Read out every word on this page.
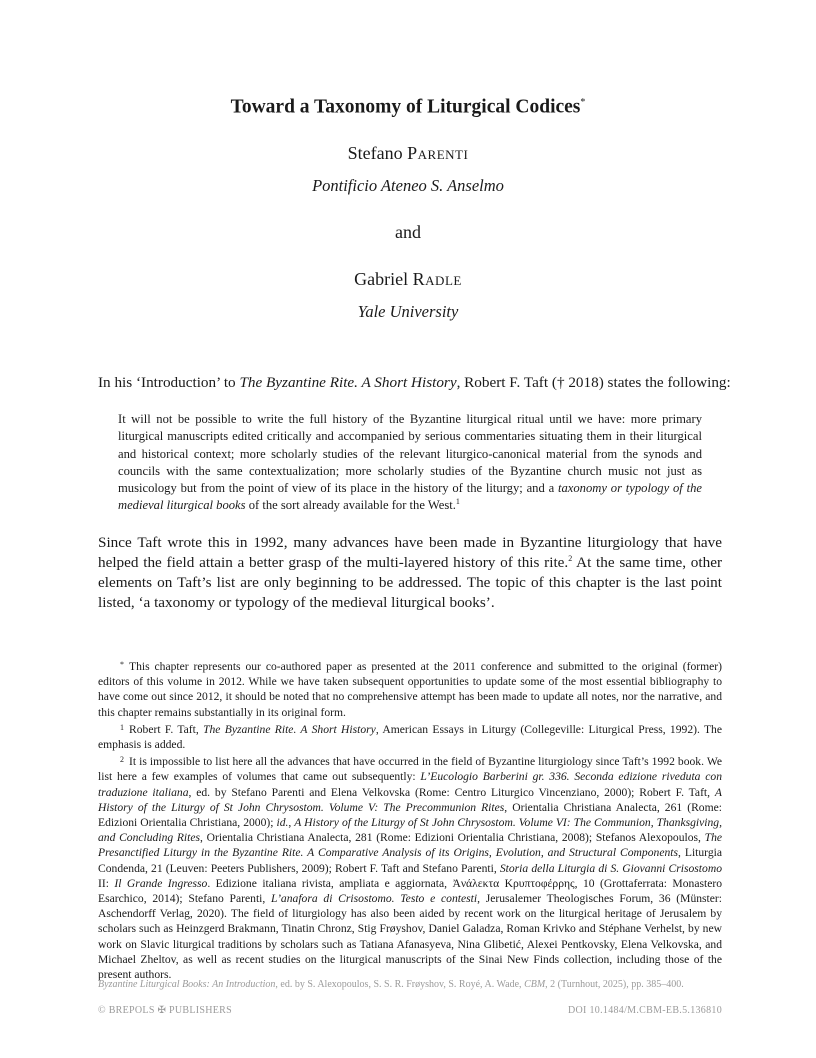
Toward a Taxonomy of Liturgical Codices*
Stefano Parenti
Pontificio Ateneo S. Anselmo
and
Gabriel Radle
Yale University
In his ‘Introduction’ to The Byzantine Rite. A Short History, Robert F. Taft († 2018) states the following:
It will not be possible to write the full history of the Byzantine liturgical ritual until we have: more primary liturgical manuscripts edited critically and accompanied by serious commentaries situating them in their liturgical and historical context; more scholarly studies of the relevant liturgico-canonical material from the synods and councils with the same contextualization; more scholarly studies of the Byzantine church music not just as musicology but from the point of view of its place in the history of the liturgy; and a taxonomy or typology of the medieval liturgical books of the sort already available for the West.$^1$
Since Taft wrote this in 1992, many advances have been made in Byzantine liturgiology that have helped the field attain a better grasp of the multi-layered history of this rite.$^2$ At the same time, other elements on Taft’s list are only beginning to be addressed. The topic of this chapter is the last point listed, ‘a taxonomy or typology of the medieval liturgical books’.

* This chapter represents our co-authored paper as presented at the 2011 conference and submitted to the original (former) editors of this volume in 2012. While we have taken subsequent opportunities to update some of the most essential bibliography to have come out since 2012, it should be noted that no comprehensive attempt has been made to update all notes, nor the narrative, and this chapter remains substantially in its original form.

$^1$ Robert F. Taft, The Byzantine Rite. A Short History, American Essays in Liturgy (Collegeville: Liturgical Press, 1992). The emphasis is added.

$^2$ It is impossible to list here all the advances that have occurred in the field of Byzantine liturgiology since Taft’s 1992 book. We list here a few examples of volumes that came out subsequently: L’Eucologio Barberini gr. 336. Seconda edizione riveduta con traduzione italiana, ed. by Stefano Parenti and Elena Velkovska (Rome: Centro Liturgico Vincenziano, 2000); Robert F. Taft, A History of the Liturgy of St John Chrysostom. Volume V: The Precommunion Rites, Orientalia Christiana Analecta, 261 (Rome: Edizioni Orientalia Christiana, 2000); id., A History of the Liturgy of St John Chrysostom. Volume VI: The Communion, Thanksgiving, and Concluding Rites, Orientalia Christiana Analecta, 281 (Rome: Edizioni Orientalia Christiana, 2008); Stefanos Alexopoulos, The Presanctified Liturgy in the Byzantine Rite. A Comparative Analysis of its Origins, Evolution, and Structural Components, Liturgia Condenda, 21 (Leuven: Peeters Publishers, 2009); Robert F. Taft and Stefano Parenti, Storia della Liturgia di S. Giovanni Crisostomo II: Il Grande Ingresso. Edizione italiana rivista, ampliata e aggiornata, Ἀνάλεκτα Κρυπτοφέρρης, 10 (Grottaferrata: Monastero Esarchico, 2014); Stefano Parenti, L’anafora di Crisostomo. Testo e contesti, Jerusalemer Theologisches Forum, 36 (Münster: Aschendorff Verlag, 2020). The field of liturgiology has also been aided by recent work on the liturgical heritage of Jerusalem by scholars such as Heinzgerd Brakmann, Tinatin Chronz, Stig Frøyshov, Daniel Galadza, Roman Krivko and Stéphane Verhelst, by new work on Slavic liturgical traditions by scholars such as Tatiana Afanasyeva, Nina Glibetić, Alexei Pentkovsky, Elena Velkovska, and Michael Zheltov, as well as recent studies on the liturgical manuscripts of the Sinai New Finds collection, including those of the present authors.

Byzantine Liturgical Books: An Introduction, ed. by S. Alexopoulos, S. S. R. Frøyshov, S. Royé, A. Wade, CBM, 2 (Turnhout, 2025), pp. 385–400.
© BREPOLS ✠ PUBLISHERS	DOI 10.1484/M.CBM-EB.5.136810
